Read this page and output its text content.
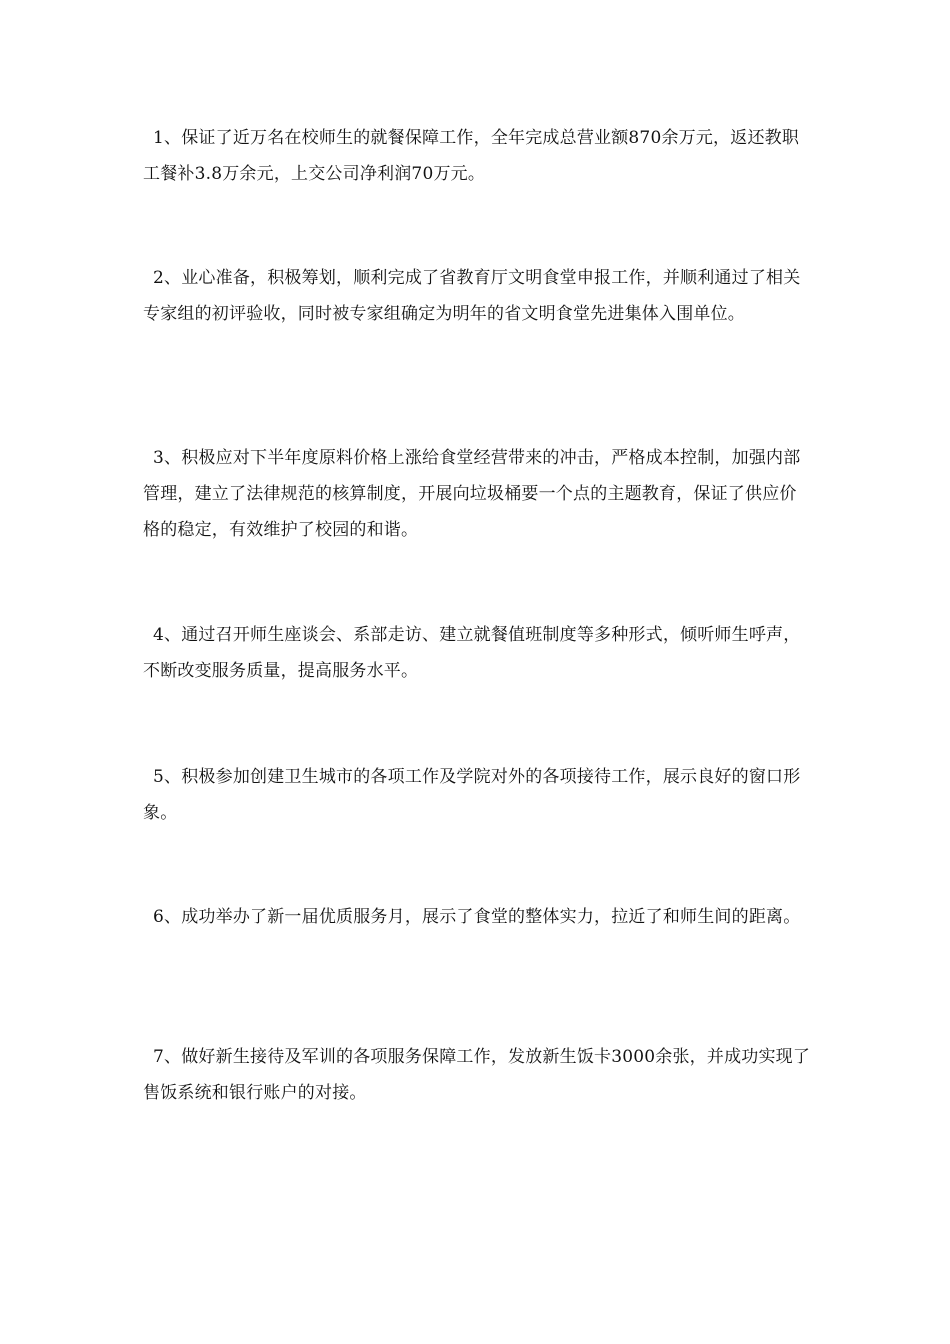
1、保证了近万名在校师生的就餐保障工作，全年完成总营业额870余万元，返还教职工餐补3.8万余元，上交公司净利润70万元。

2、业心准备，积极筹划，顺利完成了省教育厅文明食堂申报工作，并顺利通过了相关专家组的初评验收，同时被专家组确定为明年的省文明食堂先进集体入围单位。

3、积极应对下半年度原料价格上涨给食堂经营带来的冲击，严格成本控制，加强内部管理，建立了法律规范的核算制度，开展向垃圾桶要一个点的主题教育，保证了供应价格的稳定，有效维护了校园的和谐。

4、通过召开师生座谈会、系部走访、建立就餐值班制度等多种形式，倾听师生呼声，不断改变服务质量，提高服务水平。

5、积极参加创建卫生城市的各项工作及学院对外的各项接待工作，展示良好的窗口形象。

6、成功举办了新一届优质服务月，展示了食堂的整体实力，拉近了和师生间的距离。

7、做好新生接待及军训的各项服务保障工作，发放新生饭卡3000余张，并成功实现了售饭系统和银行账户的对接。
